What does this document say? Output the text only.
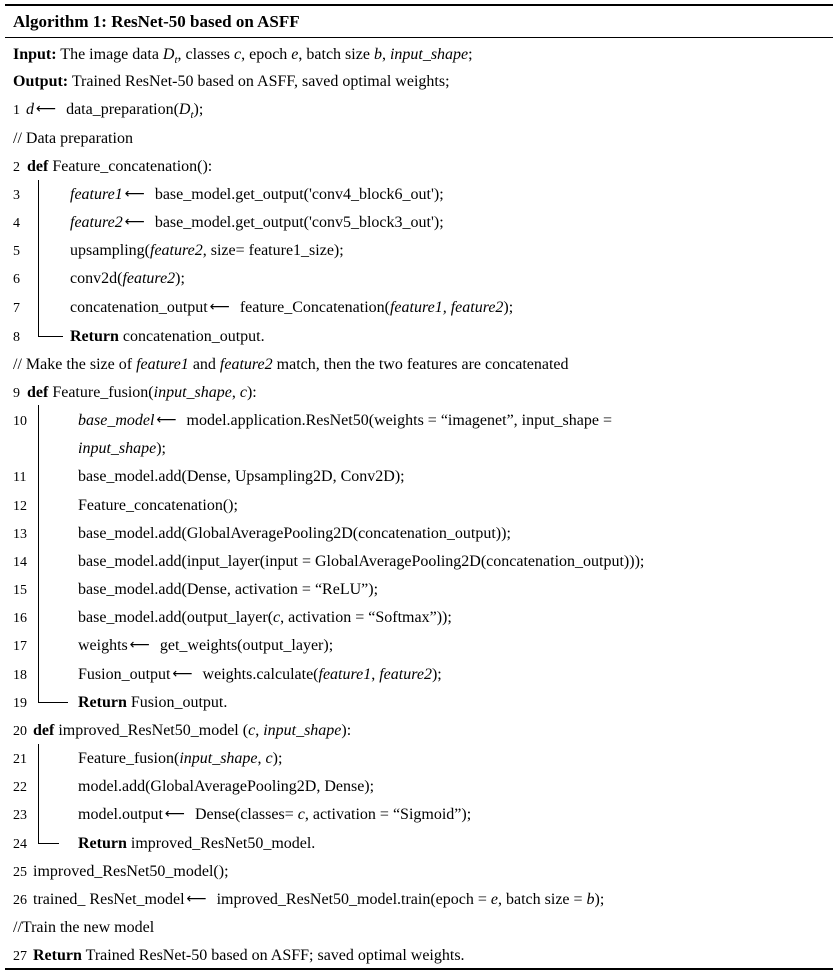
Algorithm 1: ResNet-50 based on ASFF
Input: The image data $D_t$, classes c, epoch e, batch size b, input_shape;
Output: Trained ResNet-50 based on ASFF, saved optimal weights;
1 d ⟵ $data\_preparation(D_t)$;
// Data preparation
2 def Feature_concatenation():
3	feature1 ⟵ base_model.get_output('conv4_block6_out');
4	feature2 ⟵ base_model.get_output('conv5_block3_out');
5	upsampling(feature2, size= feature1_size);
6	conv2d(feature2);
7	concatenation_output ⟵ feature_Concatenation(feature1, feature2);
8	Return concatenation_output.
// Make the size of feature1 and feature2 match, then the two features are concatenated
9 def Feature_fusion(input_shape, c):
10	base_model ⟵ model.application.ResNet50(weights = “imagenet”, input_shape =
input_shape);
11	base_model.add(Dense, Upsampling2D, Conv2D);
12	Feature_concatenation();
13	base_model.add(GlobalAveragePooling2D(concatenation_output));
14	base_model.add(input_layer(input = GlobalAveragePooling2D(concatenation_output)));
15	base_model.add(Dense, activation = “ReLU”);
16	base_model.add(output_layer(c, activation = “Softmax”));
17	weights ⟵ get_weights(output_layer);
18	Fusion_output ⟵ weights.calculate(feature1, feature2);
19	Return Fusion_output.
20 def improved_ResNet50_model (c, input_shape):
21	Feature_fusion(input_shape, c);
22	model.add(GlobalAveragePooling2D, Dense);
23	model.output ⟵ Dense(classes= c, activation = “Sigmoid”);
24	Return improved_ResNet50_model.
25 improved_ResNet50_model();
26 trained_ ResNet_model ⟵ improved_ResNet50_model.train(epoch = e, batch size = b);
//Train the new model
27 Return Trained ResNet-50 based on ASFF; saved optimal weights.
